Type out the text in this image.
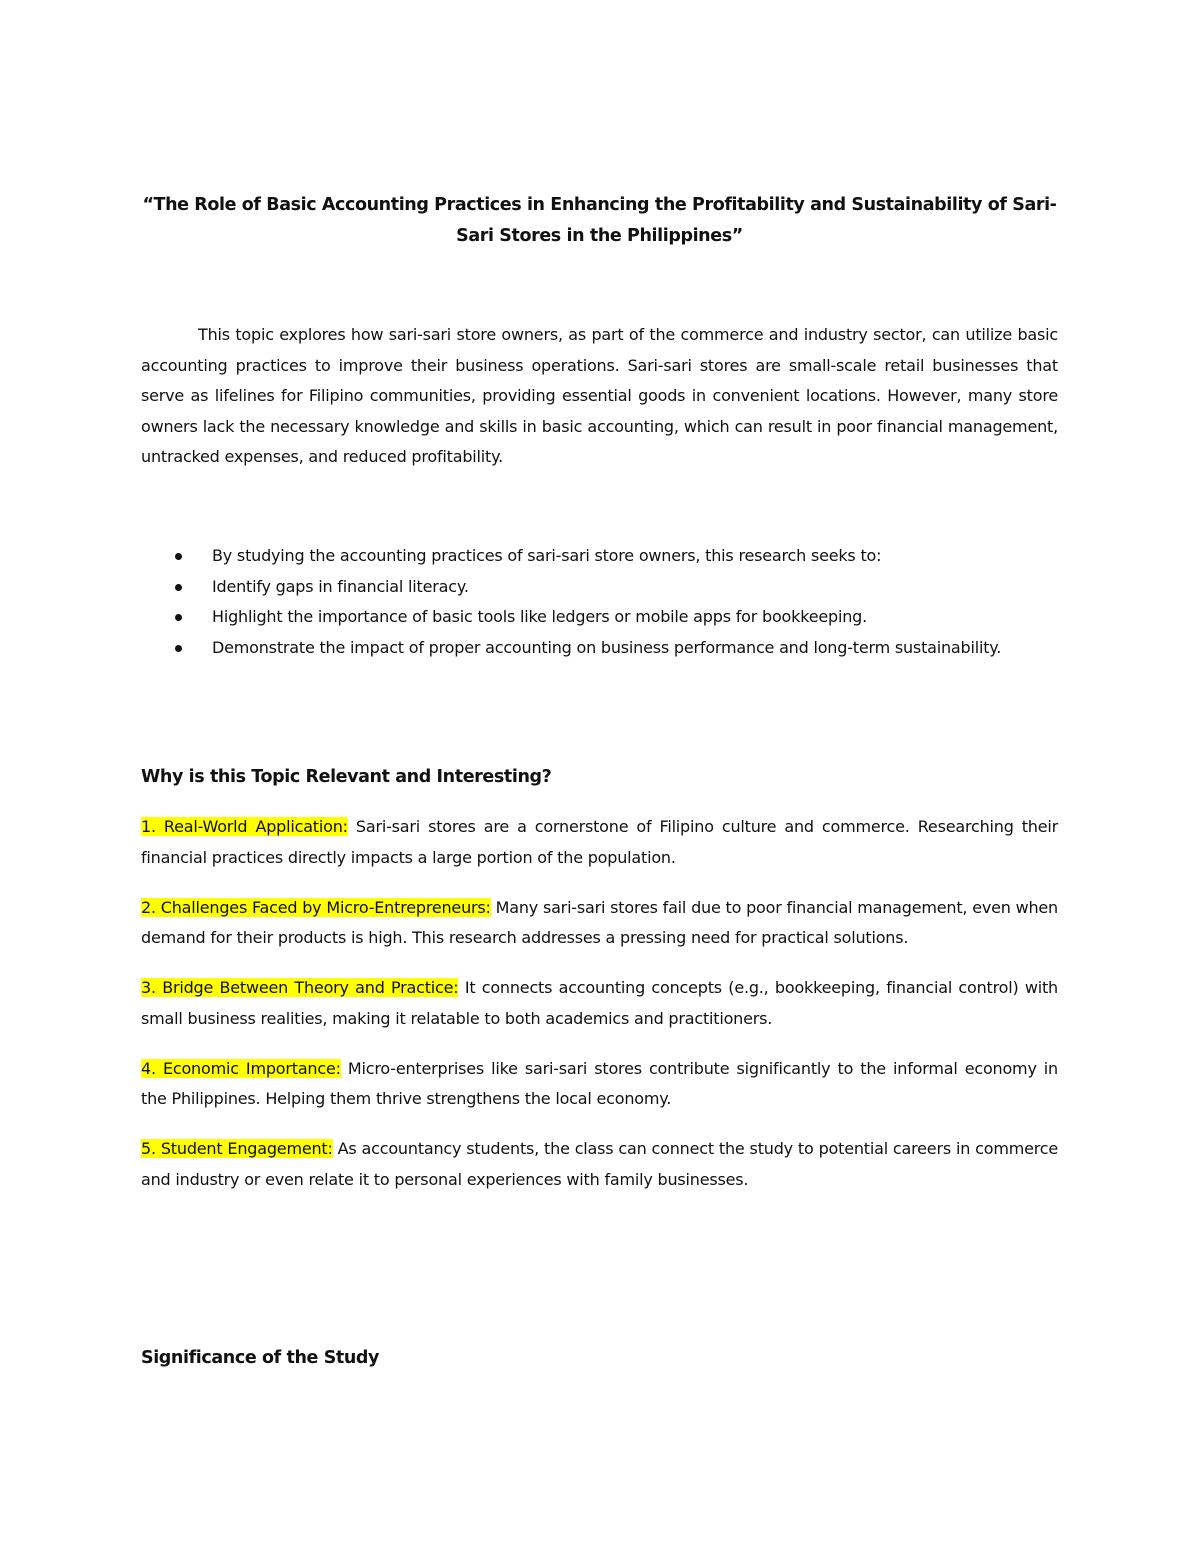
“The Role of Basic Accounting Practices in Enhancing the Profitability and Sustainability of Sari-Sari Stores in the Philippines”

This topic explores how sari-sari store owners, as part of the commerce and industry sector, can utilize basic accounting practices to improve their business operations. Sari-sari stores are small-scale retail businesses that serve as lifelines for Filipino communities, providing essential goods in convenient locations. However, many store owners lack the necessary knowledge and skills in basic accounting, which can result in poor financial management, untracked expenses, and reduced profitability.

By studying the accounting practices of sari-sari store owners, this research seeks to:
Identify gaps in financial literacy.
Highlight the importance of basic tools like ledgers or mobile apps for bookkeeping.
Demonstrate the impact of proper accounting on business performance and long-term sustainability.
Why is this Topic Relevant and Interesting?

1. Real-World Application: Sari-sari stores are a cornerstone of Filipino culture and commerce. Researching their financial practices directly impacts a large portion of the population.

2. Challenges Faced by Micro-Entrepreneurs: Many sari-sari stores fail due to poor financial management, even when demand for their products is high. This research addresses a pressing need for practical solutions.

3. Bridge Between Theory and Practice: It connects accounting concepts (e.g., bookkeeping, financial control) with small business realities, making it relatable to both academics and practitioners.

4. Economic Importance: Micro-enterprises like sari-sari stores contribute significantly to the informal economy in the Philippines. Helping them thrive strengthens the local economy.

5. Student Engagement: As accountancy students, the class can connect the study to potential careers in commerce and industry or even relate it to personal experiences with family businesses.

Significance of the Study
